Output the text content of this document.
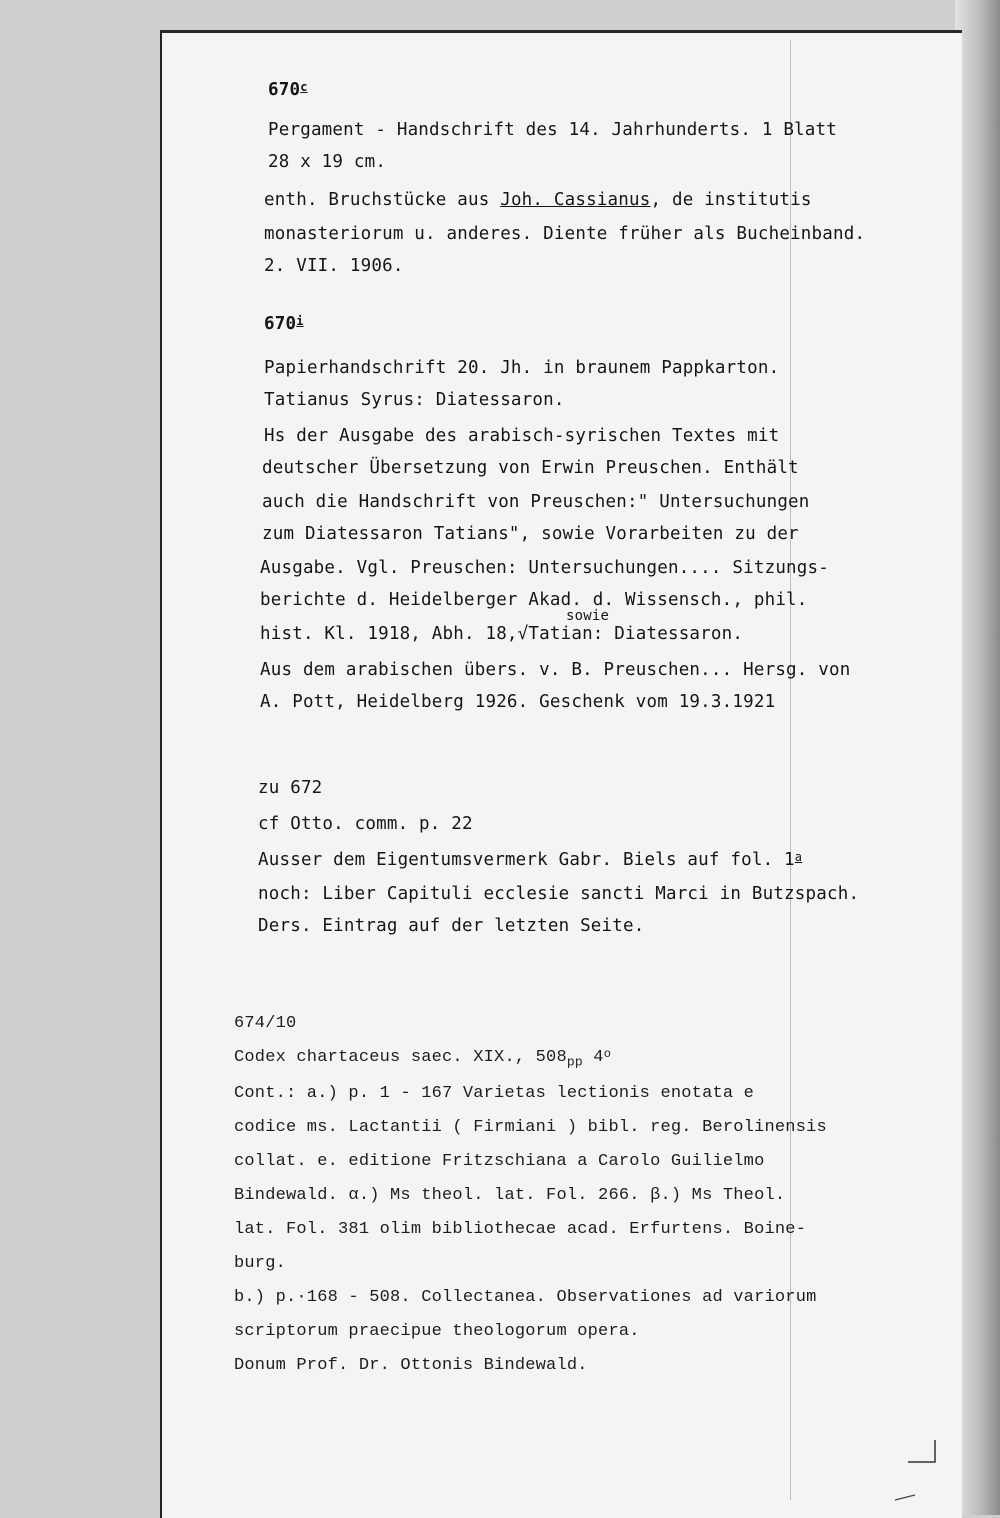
670$^c$
Pergament - Handschrift des 14. Jahrhunderts. 1 Blatt
28 x 19 cm.
enth. Bruchstücke aus Joh. Cassianus, de institutis
monasteriorum u. anderes. Diente früher als Bucheinband.
2. VII. 1906.
670$^i$
Papierhandschrift 20. Jh. in braunem Pappkarton.
Tatianus Syrus: Diatessaron.
Hs der Ausgabe des arabisch-syrischen Textes mit
deutscher Übersetzung von Erwin Preuschen. Enthält
auch die Handschrift von Preuschen:" Untersuchungen
zum Diatessaron Tatians", sowie Vorarbeiten zu der
Ausgabe. Vgl. Preuschen: Untersuchungen.... Sitzungs-
berichte d. Heidelberger Akad. d. Wissensch., phil.
sowie
hist. Kl. 1918, Abh. 18,√Tatian: Diatessaron.
Aus dem arabischen übers. v. B. Preuschen... Hersg. von
A. Pott, Heidelberg 1926. Geschenk vom 19.3.1921
zu 672
cf Otto. comm. p. 22
Ausser dem Eigentumsvermerk Gabr. Biels auf fol. 1$^a$
noch: Liber Capituli ecclesie sancti Marci in Butzspach.
Ders. Eintrag auf der letzten Seite.
674/10
Codex chartaceus saec. XIX., $508_{pp}$ 4$^o$
Cont.: a.) p. 1 - 167 Varietas lectionis enotata e
codice ms. Lactantii ( Firmiani ) bibl. reg. Berolinensis
collat. e. editione Fritzschiana a Carolo Guilielmo
Bindewald. α.) Ms theol. lat. Fol. 266. β.) Ms Theol.
lat. Fol. 381 olim bibliothecae acad. Erfurtens. Boine-
burg.
b.) p.·168 - 508. Collectanea. Observationes ad variorum
scriptorum praecipue theologorum opera.
Donum Prof. Dr. Ottonis Bindewald.
